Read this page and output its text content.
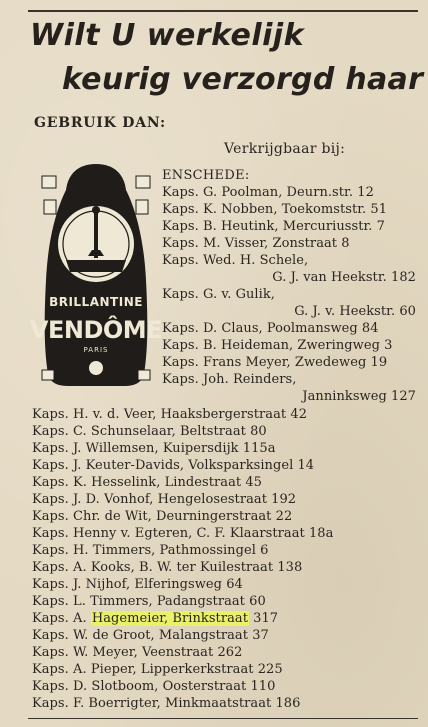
Wilt U werkelijk
keurig verzorgd haar
GEBRUIK DAN:
Verkrijgbaar bij:
ENSCHEDE:
BRILLANTINE
VENDÔME
PARIS
Kaps. G. Poolman, Deurn.str. 12
Kaps. K. Nobben, Toekomststr. 51
Kaps. B. Heutink, Mercuriusstr. 7
Kaps. M. Visser, Zonstraat 8
Kaps. Wed. H. Schele,
G. J. van Heekstr. 182
Kaps. G. v. Gulik,
G. J. v. Heekstr. 60
Kaps. D. Claus, Poolmansweg 84
Kaps. B. Heideman, Zweringweg 3
Kaps. Frans Meyer, Zwedeweg 19
Kaps. Joh. Reinders,
Janninksweg 127
Kaps. H. v. d. Veer, Haaksbergerstraat 42
Kaps. C. Schunselaar, Beltstraat 80
Kaps. J. Willemsen, Kuipersdijk 115a
Kaps. J. Keuter-Davids, Volksparksingel 14
Kaps. K. Hesselink, Lindestraat 45
Kaps. J. D. Vonhof, Hengelosestraat 192
Kaps. Chr. de Wit, Deurningerstraat 22
Kaps. Henny v. Egteren, C. F. Klaarstraat 18a
Kaps. H. Timmers, Pathmossingel 6
Kaps. A. Kooks, B. W. ter Kuilestraat 138
Kaps. J. Nijhof, Elferingsweg 64
Kaps. L. Timmers, Padangstraat 60
Kaps. A. Hagemeier, Brinkstraat 317
Kaps. W. de Groot, Malangstraat 37
Kaps. W. Meyer, Veenstraat 262
Kaps. A. Pieper, Lipperkerkstraat 225
Kaps. D. Slotboom, Oosterstraat 110
Kaps. F. Boerrigter, Minkmaatstraat 186
